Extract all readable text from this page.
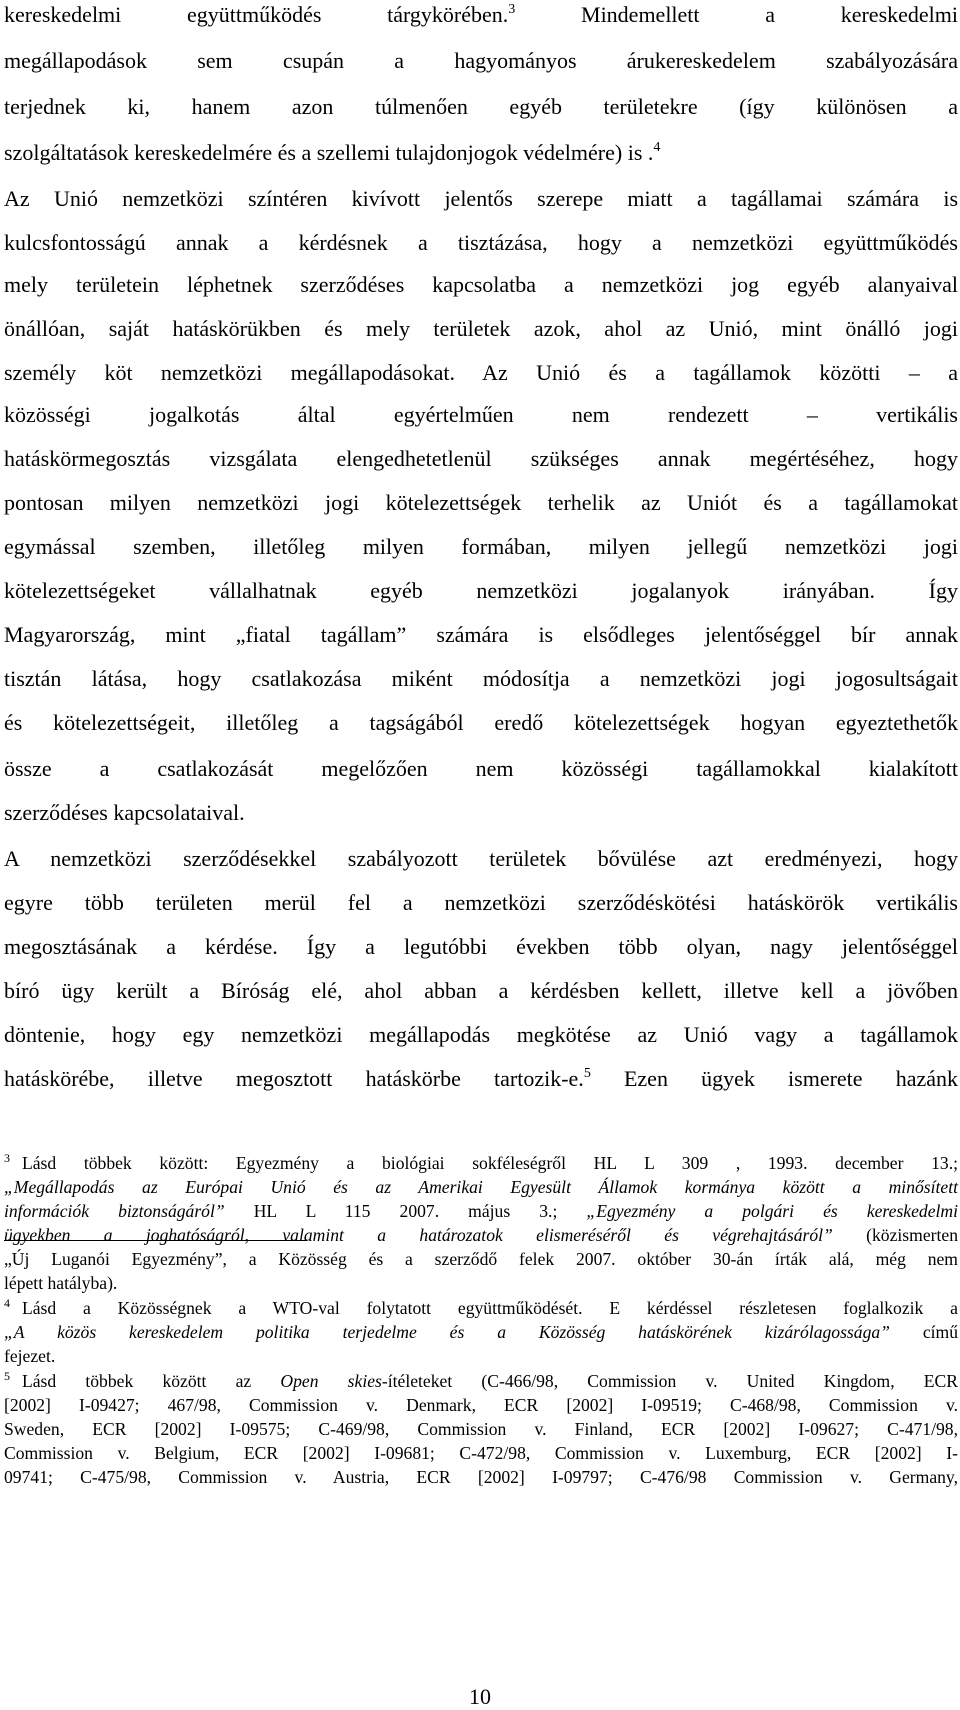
kereskedelmi együttműködés tárgykörében.$^3$ Mindemellett a kereskedelmi
megállapodások sem csupán a hagyományos árukereskedelem szabályozására
terjednek ki, hanem azon túlmenően egyéb területekre (így különösen a
szolgáltatások kereskedelmére és a szellemi tulajdonjogok védelmére) is .$^4$
Az Unió nemzetközi színtéren kivívott jelentős szerepe miatt a tagállamai számára is
kulcsfontosságú annak a kérdésnek a tisztázása, hogy a nemzetközi együttműködés
mely területein léphetnek szerződéses kapcsolatba a nemzetközi jog egyéb alanyaival
önállóan, saját hatáskörükben és mely területek azok, ahol az Unió, mint önálló jogi
személy köt nemzetközi megállapodásokat. Az Unió és a tagállamok közötti – a
közösségi jogalkotás által egyértelműen nem rendezett – vertikális
hatáskörmegosztás vizsgálata elengedhetetlenül szükséges annak megértéséhez, hogy
pontosan milyen nemzetközi jogi kötelezettségek terhelik az Uniót és a tagállamokat
egymással szemben, illetőleg milyen formában, milyen jellegű nemzetközi jogi
kötelezettségeket vállalhatnak egyéb nemzetközi jogalanyok irányában. Így
Magyarország, mint „fiatal tagállam” számára is elsődleges jelentőséggel bír annak
tisztán látása, hogy csatlakozása miként módosítja a nemzetközi jogi jogosultságait
és kötelezettségeit, illetőleg a tagságából eredő kötelezettségek hogyan egyeztethetők
össze a csatlakozását megelőzően nem közösségi tagállamokkal kialakított
szerződéses kapcsolataival.
A nemzetközi szerződésekkel szabályozott területek bővülése azt eredményezi, hogy
egyre több területen merül fel a nemzetközi szerződéskötési hatáskörök vertikális
megosztásának a kérdése. Így a legutóbbi években több olyan, nagy jelentőséggel
bíró ügy került a Bíróság elé, ahol abban a kérdésben kellett, illetve kell a jövőben
döntenie, hogy egy nemzetközi megállapodás megkötése az Unió vagy a tagállamok
hatáskörébe, illetve megosztott hatáskörbe tartozik-e.$^5$ Ezen ügyek ismerete hazánk
$^3$ Lásd többek között: Egyezmény a biológiai sokféleségről HL L 309 , 1993. december 13.;
„Megállapodás az Európai Unió és az Amerikai Egyesült Államok kormánya között a minősített
információk biztonságáról” HL L 115 2007. május 3.; „Egyezmény a polgári és kereskedelmi
ügyekben a joghatóságról, valamint a határozatok elismeréséről és végrehajtásáról” (közismerten
„Új Luganói Egyezmény”, a Közösség és a szerződő felek 2007. október 30-án írták alá, még nem
lépett hatályba).
$^4$ Lásd a Közösségnek a WTO-val folytatott együttműködését. E kérdéssel részletesen foglalkozik a
„A közös kereskedelem politika terjedelme és a Közösség hatáskörének kizárólagossága” című
fejezet.
$^5$ Lásd többek között az Open skies-ítéleteket (C-466/98, Commission v. United Kingdom, ECR
[2002] I-09427; 467/98, Commission v. Denmark, ECR [2002] I-09519; C-468/98, Commission v.
Sweden, ECR [2002] I-09575; C-469/98, Commission v. Finland, ECR [2002] I-09627; C-471/98,
Commission v. Belgium, ECR [2002] I-09681; C-472/98, Commission v. Luxemburg, ECR [2002] I-
09741; C-475/98, Commission v. Austria, ECR [2002] I-09797; C-476/98 Commission v. Germany,
10
